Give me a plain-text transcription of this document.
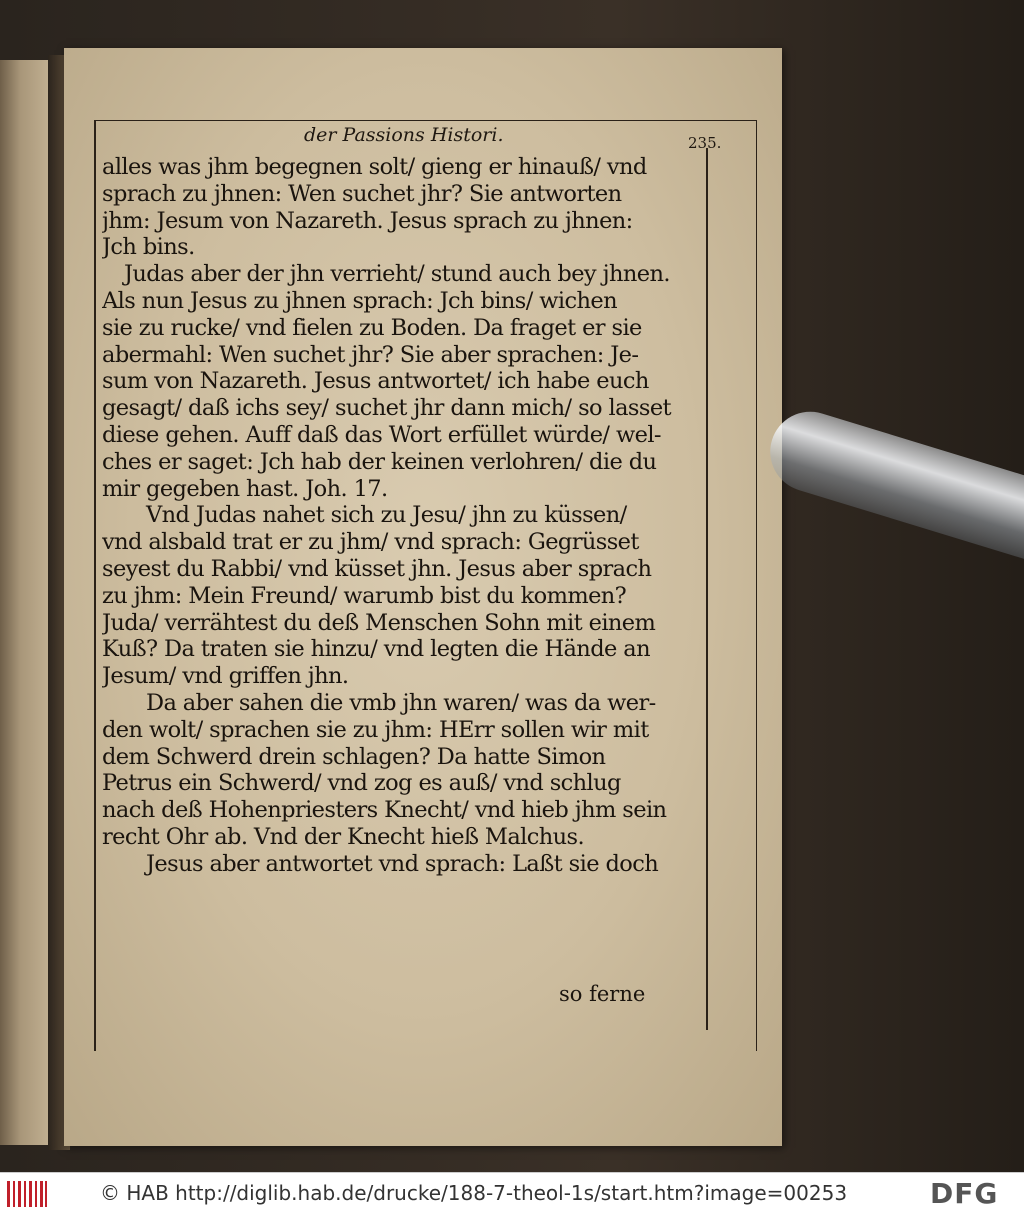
der Passions Histori.	235.
alles was jhm begegnen solt/ gieng er hinauß/ vnd
sprach zu jhnen: Wen suchet jhr? Sie antworten
jhm: Jesum von Nazareth. Jesus sprach zu jhnen:
Jch bins.
Judas aber der jhn verrieht/ stund auch bey jhnen.
Als nun Jesus zu jhnen sprach: Jch bins/ wichen
sie zu rucke/ vnd fielen zu Boden. Da fraget er sie
abermahl: Wen suchet jhr? Sie aber sprachen: Je-
sum von Nazareth. Jesus antwortet/ ich habe euch
gesagt/ daß ichs sey/ suchet jhr dann mich/ so lasset
diese gehen. Auff daß das Wort erfüllet würde/ wel-
ches er saget: Jch hab der keinen verlohren/ die du
mir gegeben hast. Joh. 17.
Vnd Judas nahet sich zu Jesu/ jhn zu küssen/
vnd alsbald trat er zu jhm/ vnd sprach: Gegrüsset
seyest du Rabbi/ vnd küsset jhn. Jesus aber sprach
zu jhm: Mein Freund/ warumb bist du kommen?
Juda/ verrähtest du deß Menschen Sohn mit einem
Kuß? Da traten sie hinzu/ vnd legten die Hände an
Jesum/ vnd griffen jhn.
Da aber sahen die vmb jhn waren/ was da wer-
den wolt/ sprachen sie zu jhm: HErr sollen wir mit
dem Schwerd drein schlagen? Da hatte Simon
Petrus ein Schwerd/ vnd zog es auß/ vnd schlug
nach deß Hohenpriesters Knecht/ vnd hieb jhm sein
recht Ohr ab. Vnd der Knecht hieß Malchus.
Jesus aber antwortet vnd sprach: Laßt sie doch
so ferne
© HAB http://diglib.hab.de/drucke/188-7-theol-1s/start.htm?image=00253	DFG
